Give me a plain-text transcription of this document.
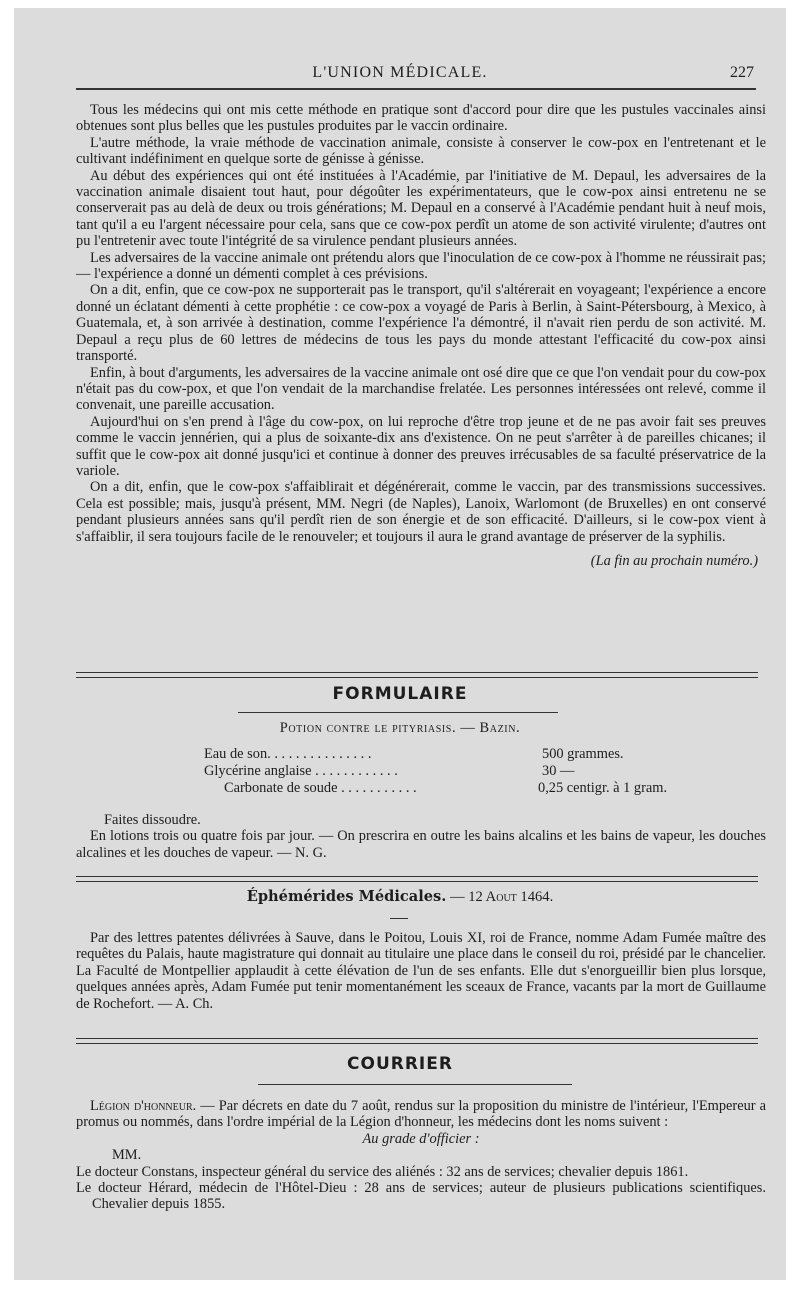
L'UNION MÉDICALE.	227

Tous les médecins qui ont mis cette méthode en pratique sont d'accord pour dire que les pustules vaccinales ainsi obtenues sont plus belles que les pustules produites par le vaccin ordinaire.

L'autre méthode, la vraie méthode de vaccination animale, consiste à conserver le cow-pox en l'entretenant et le cultivant indéfiniment en quelque sorte de génisse à génisse.

Au début des expériences qui ont été instituées à l'Académie, par l'initiative de M. Depaul, les adversaires de la vaccination animale disaient tout haut, pour dégoûter les expérimentateurs, que le cow-pox ainsi entretenu ne se conserverait pas au delà de deux ou trois générations; M. Depaul en a conservé à l'Académie pendant huit à neuf mois, tant qu'il a eu l'argent nécessaire pour cela, sans que ce cow-pox perdît un atome de son activité virulente; d'autres ont pu l'entretenir avec toute l'intégrité de sa virulence pendant plusieurs années.

Les adversaires de la vaccine animale ont prétendu alors que l'inoculation de ce cow-pox à l'homme ne réussirait pas; — l'expérience a donné un démenti complet à ces prévisions.

On a dit, enfin, que ce cow-pox ne supporterait pas le transport, qu'il s'altérerait en voyageant; l'expérience a encore donné un éclatant démenti à cette prophétie : ce cow-pox a voyagé de Paris à Berlin, à Saint-Pétersbourg, à Mexico, à Guatemala, et, à son arrivée à destination, comme l'expérience l'a démontré, il n'avait rien perdu de son activité. M. Depaul a reçu plus de 60 lettres de médecins de tous les pays du monde attestant l'efficacité du cow-pox ainsi transporté.

Enfin, à bout d'arguments, les adversaires de la vaccine animale ont osé dire que ce que l'on vendait pour du cow-pox n'était pas du cow-pox, et que l'on vendait de la marchandise frelatée. Les personnes intéressées ont relevé, comme il convenait, une pareille accusation.

Aujourd'hui on s'en prend à l'âge du cow-pox, on lui reproche d'être trop jeune et de ne pas avoir fait ses preuves comme le vaccin jennérien, qui a plus de soixante-dix ans d'existence. On ne peut s'arrêter à de pareilles chicanes; il suffit que le cow-pox ait donné jusqu'ici et continue à donner des preuves irrécusables de sa faculté préservatrice de la variole.

On a dit, enfin, que le cow-pox s'affaiblirait et dégénérerait, comme le vaccin, par des transmissions successives. Cela est possible; mais, jusqu'à présent, MM. Negri (de Naples), Lanoix, Warlomont (de Bruxelles) en ont conservé pendant plusieurs années sans qu'il perdît rien de son énergie et de son efficacité. D'ailleurs, si le cow-pox vient à s'affaiblir, il sera toujours facile de le renouveler; et toujours il aura le grand avantage de préserver de la syphilis.

(La fin au prochain numéro.)
FORMULAIRE
Potion contre le pityriasis. — Bazin.
Eau de son. . . . . . . . . . . . . . .	500 grammes.
Glycérine anglaise . . . . . . . . . . . .	30 —
Carbonate de soude . . . . . . . . . . .	0,25 centigr. à 1 gram.

Faites dissoudre.

En lotions trois ou quatre fois par jour. — On prescrira en outre les bains alcalins et les bains de vapeur, les douches alcalines et les douches de vapeur. — N. G.

Éphémérides Médicales. — 12 Aout 1464.

Par des lettres patentes délivrées à Sauve, dans le Poitou, Louis XI, roi de France, nomme Adam Fumée maître des requêtes du Palais, haute magistrature qui donnait au titulaire une place dans le conseil du roi, présidé par le chancelier. La Faculté de Montpellier applaudit à cette élévation de l'un de ses enfants. Elle dut s'enorgueillir bien plus lorsque, quelques années après, Adam Fumée put tenir momentanément les sceaux de France, vacants par la mort de Guillaume de Rochefort. — A. Ch.

COURRIER

Légion d'honneur. — Par décrets en date du 7 août, rendus sur la proposition du ministre de l'intérieur, l'Empereur a promus ou nommés, dans l'ordre impérial de la Légion d'honneur, les médecins dont les noms suivent :

Au grade d'officier :

MM.

Le docteur Constans, inspecteur général du service des aliénés : 32 ans de services; chevalier depuis 1861.

Le docteur Hérard, médecin de l'Hôtel-Dieu : 28 ans de services; auteur de plusieurs publications scientifiques. Chevalier depuis 1855.
